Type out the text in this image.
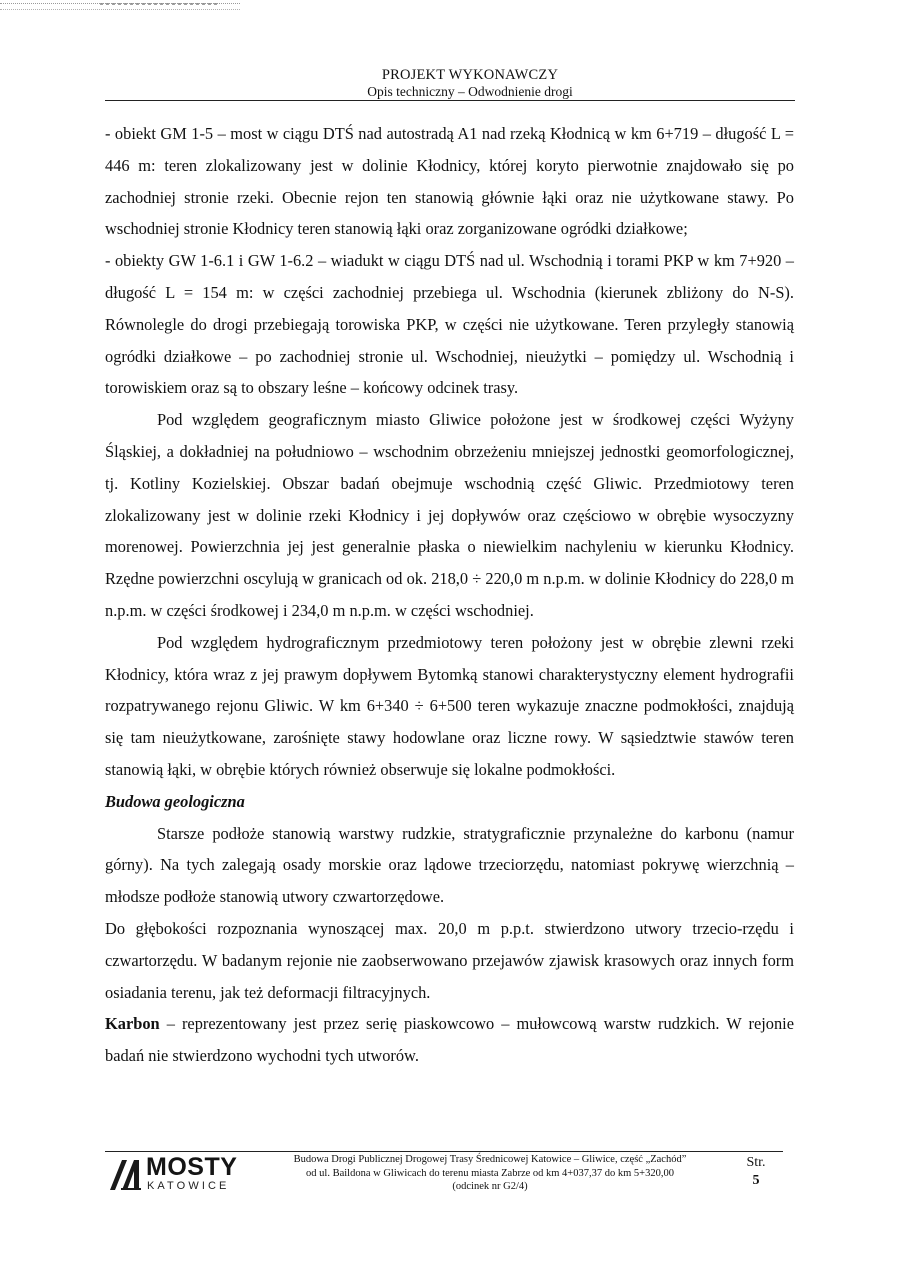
PROJEKT WYKONAWCZY
Opis techniczny – Odwodnienie drogi

- obiekt GM 1-5 – most w ciągu DTŚ nad autostradą A1 nad rzeką Kłodnicą w km 6+719 – długość L = 446 m: teren zlokalizowany jest w dolinie Kłodnicy, której koryto pierwotnie znajdowało się po zachodniej stronie rzeki. Obecnie rejon ten stanowią głównie łąki oraz nie użytkowane stawy. Po wschodniej stronie Kłodnicy teren stanowią łąki oraz zorganizowane ogródki działkowe;

- obiekty GW 1-6.1 i GW 1-6.2 – wiadukt w ciągu DTŚ nad ul. Wschodnią i torami PKP w km 7+920 – długość L = 154 m: w części zachodniej przebiega ul. Wschodnia (kierunek zbliżony do N-S). Równolegle do drogi przebiegają torowiska PKP, w części nie użytkowane. Teren przyległy stanowią ogródki działkowe – po zachodniej stronie ul. Wschodniej, nieużytki – pomiędzy ul. Wschodnią i torowiskiem oraz są to obszary leśne – końcowy odcinek trasy.

Pod względem geograficznym miasto Gliwice położone jest w środkowej części Wyżyny Śląskiej, a dokładniej na południowo – wschodnim obrzeżeniu mniejszej jednostki geomorfologicznej, tj. Kotliny Kozielskiej. Obszar badań obejmuje wschodnią część Gliwic. Przedmiotowy teren zlokalizowany jest w dolinie rzeki Kłodnicy i jej dopływów oraz częściowo w obrębie wysoczyzny morenowej. Powierzchnia jej jest generalnie płaska o niewielkim nachyleniu w kierunku Kłodnicy. Rzędne powierzchni oscylują w granicach od ok. 218,0 ÷ 220,0 m n.p.m. w dolinie Kłodnicy do 228,0 m n.p.m. w części środkowej i 234,0 m n.p.m. w części wschodniej.

Pod względem hydrograficznym przedmiotowy teren położony jest w obrębie zlewni rzeki Kłodnicy, która wraz z jej prawym dopływem Bytomką stanowi charakterystyczny element hydrografii rozpatrywanego rejonu Gliwic. W km 6+340 ÷ 6+500 teren wykazuje znaczne podmokłości, znajdują się tam nieużytkowane, zarośnięte stawy hodowlane oraz liczne rowy. W sąsiedztwie stawów teren stanowią łąki, w obrębie których również obserwuje się lokalne podmokłości.

Budowa geologiczna

Starsze podłoże stanowią warstwy rudzkie, stratygraficznie przynależne do karbonu (namur górny). Na tych zalegają osady morskie oraz lądowe trzeciorzędu, natomiast pokrywę wierzchnią – młodsze podłoże stanowią utwory czwartorzędowe.

Do głębokości rozpoznania wynoszącej max. 20,0 m p.p.t. stwierdzono utwory trzecio-rzędu i czwartorzędu. W badanym rejonie nie zaobserwowano przejawów zjawisk krasowych oraz innych form osiadania terenu, jak też deformacji filtracyjnych.

Karbon – reprezentowany jest przez serię piaskowcowo – mułowcową warstw rudzkich. W rejonie badań nie stwierdzono wychodni tych utworów.

MOSTY
KATOWICE
Budowa Drogi Publicznej Drogowej Trasy Średnicowej Katowice – Gliwice, część „Zachód”
od ul. Baildona w Gliwicach do terenu miasta Zabrze od km 4+037,37 do km 5+320,00
(odcinek nr G2/4)
Str.
5
